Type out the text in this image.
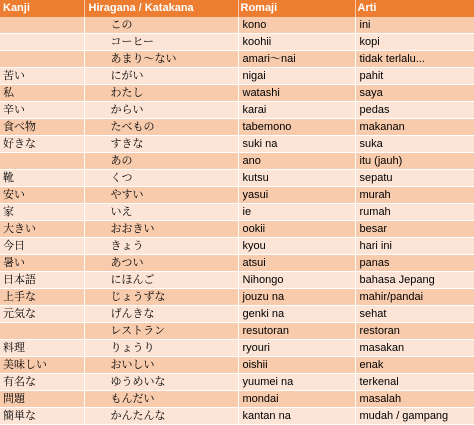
Kanji	Hiragana / Katakana	Romaji	Arti
	この	kono	ini
	コーヒー	koohii	kopi
	あまり〜ない	amari〜nai	tidak terlalu...
苦い	にがい	nigai	pahit
私	わたし	watashi	saya
辛い	からい	karai	pedas
食べ物	たべもの	tabemono	makanan
好きな	すきな	suki na	suka
	あの	ano	itu (jauh)
靴	くつ	kutsu	sepatu
安い	やすい	yasui	murah
家	いえ	ie	rumah
大きい	おおきい	ookii	besar
今日	きょう	kyou	hari ini
暑い	あつい	atsui	panas
日本語	にほんご	Nihongo	bahasa Jepang
上手な	じょうずな	jouzu na	mahir/pandai
元気な	げんきな	genki na	sehat
	レストラン	resutoran	restoran
料理	りょうり	ryouri	masakan
美味しい	おいしい	oishii	enak
有名な	ゆうめいな	yuumei na	terkenal
問題	もんだい	mondai	masalah
簡単な	かんたんな	kantan na	mudah / gampang
